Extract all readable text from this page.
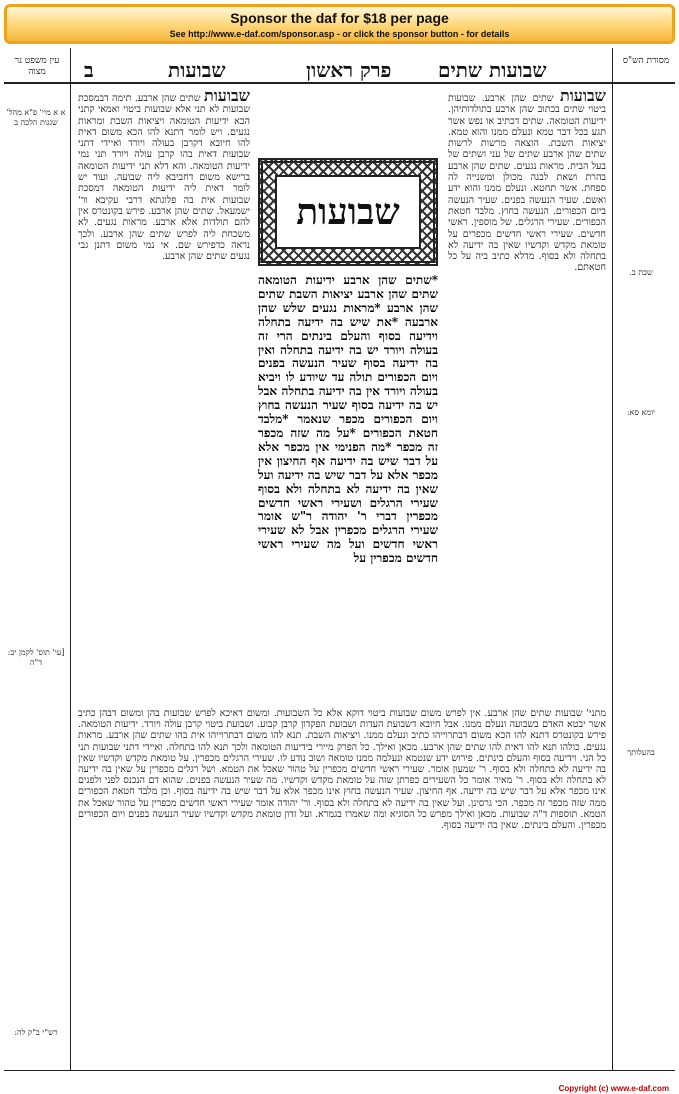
Sponsor the daf for $18 per page
See http://www.e-daf.com/sponsor.asp - or click the sponsor button - for details
עין משפט נר מצוה
מסורת הש"ס
ב	שבועות	פרק ראשון שבועות שתים
שבועות
שבועות שתים שהן ארבע. שבועות ביטוי שתים בכתוב שהן ארבע בתולדותיהן. ידיעות הטומאה. שתים דכתיב או נפש אשר תגע בכל דבר טמא ונעלם ממנו והוא טמא. יציאות השבת. הוצאה מרשות לרשות שתים שהן ארבע שתים של עני ושתים של בעל הבית. מראות נגעים. שתים שהן ארבע בהרת ושאת לבנה מכולן ומשנייה לה ספחת. אשר תחטא. ונעלם ממנו והוא ידע ואשם. שעיר הנעשה בפנים. שעיר הנעשה ביום הכפורים. הנעשה בחוץ. מלבד חטאת הכפורים. שעירי הרגלים. של מוספין. ראשי חדשים. שעירי ראשי חדשים מכפרים על טומאת מקדש וקדשיו שאין בה ידיעה לא בתחלה ולא בסוף. מדלא כתיב ביה על כל חטאתם.
שבועות שתים שהן ארבע. תימה דבמסכת שבועות לא תני אלא שבועות ביטוי ואמאי קתני הכא ידיעות הטומאה ויציאות השבת ומראות נגעים. ויש לומר דתנא להו הכא משום דאית להו חיובא דקרבן בעולה ויורד ואיידי דתני שבועות דאית בהו קרבן עולה ויורד תני נמי ידיעות הטומאה. והא דלא תני ידיעות הטומאה ברישא משום דחביבא ליה שבועה. ועוד יש לומר דאית ליה ידיעות הטומאה דמסכת שבועות אית בה פלוגתא דרבי עקיבא ור' ישמעאל. שתים שהן ארבע. פירש בקונטרס אין להם תולדות אלא ארבע. מראות נגעים. לא משכחת ליה לפרש שתים שהן ארבע. ולכך נראה כדפירש שם. אי נמי משום דתנן גבי נגעים שתים שהן ארבע.
*שתים שהן ארבע ידיעות הטומאה שתים שהן ארבע יציאות השבת שתים שהן ארבע *מראות נגעים שלש שהן ארבעה *את שיש בה ידיעה בתחלה וידיעה בסוף והעלם בינתים הרי זה בעולה ויורד יש בה ידיעה בתחלה ואין בה ידיעה בסוף שעיר הנעשה בפנים ויום הכפורים תולה עד שיודע לו ויביא בעולה ויורד אין בה ידיעה בתחלה אבל יש בה ידיעה בסוף שעיר הנעשה בחוץ ויום הכפורים מכפר שנאמר *מלבד חטאת הכפורים *על מה שזה מכפר זה מכפר *מה הפנימי אין מכפר אלא על דבר שיש בה ידיעה אף החיצון אין מכפר אלא על דבר שיש בה ידיעה ועל שאין בה ידיעה לא בתחלה ולא בסוף שעירי הרגלים ושעירי ראשי חדשים מכפרין דברי ר' יהודה ר"ש אומר שעירי הרגלים מכפרין אבל לא שעירי ראשי חדשים ועל מה שעירי ראשי חדשים מכפרין על
מתני' שבועות שתים שהן ארבע. אין לפרש משום שבועות ביטוי דוקא אלא כל השבועות. ומשום דאיכא לפרש שבועות בהן ומשום דבהן כתיב אשר יבטא האדם בשבועה ונעלם ממנו. אבל חיובא דשבועת העדות ושבועת הפקדון קרבן קבוע. ושבועת ביטוי קרבן עולה ויורד. ידיעות הטומאה. פירש בקונטרס דתנא להו הכא משום דבתרוייהו כתיב ונעלם ממנו. ויציאות השבת. תנא להו משום דבתרוייהו אית בהו שתים שהן ארבע. מראות נגעים. כולהו תנא להו דאית להו שתים שהן ארבע. מכאן ואילך. כל הפרק מיירי בידיעות הטומאה ולכך תנא להו בתחלה. ואיידי דתני שבועות תני כל הני. וידיעה בסוף והעלם בינתים. פירוש ידע שנטמא ונעלמה ממנו טומאה ושוב נודע לו. שעירי הרגלים מכפרין. על טומאת מקדש וקדשיו שאין בה ידיעה לא בתחלה ולא בסוף. ר' שמעון אומר. שעירי ראשי חדשים מכפרין על טהור שאכל את הטמא. ושל רגלים מכפרין על שאין בה ידיעה לא בתחלה ולא בסוף. ר' מאיר אומר כל השעירים כפרתן שוה על טומאת מקדש וקדשיו. מה שעיר הנעשה בפנים. שהוא דם הנכנס לפני ולפנים אינו מכפר אלא על דבר שיש בה ידיעה. אף החיצון. שעיר הנעשה בחוץ אינו מכפר אלא על דבר שיש בה ידיעה בסוף. וכן מלבד חטאת הכפורים ממה שזה מכפר זה מכפר. הכי גרסינן. ועל שאין בה ידיעה לא בתחלה ולא בסוף. ור' יהודה אומר שעירי ראשי חדשים מכפרין על טהור שאכל את הטמא. תוספות ד"ה שבועות. מכאן ואילך מפרש כל הסוגיא ומה שאמרו בגמרא. ועל זדון טומאת מקדש וקדשיו שעיר הנעשה בפנים ויום הכפורים מכפרין. והעלם בינתים. שאין בה ידיעה בסוף.
שבת ב.
יומא סא:
בהעלותך
א א מיי' פ"א מהל' שגגות הלכה ב
[עי' תוס' לקמן יב: ד"ה
רש"י ב"ק לה:
Copyright (c) www.e-daf.com
